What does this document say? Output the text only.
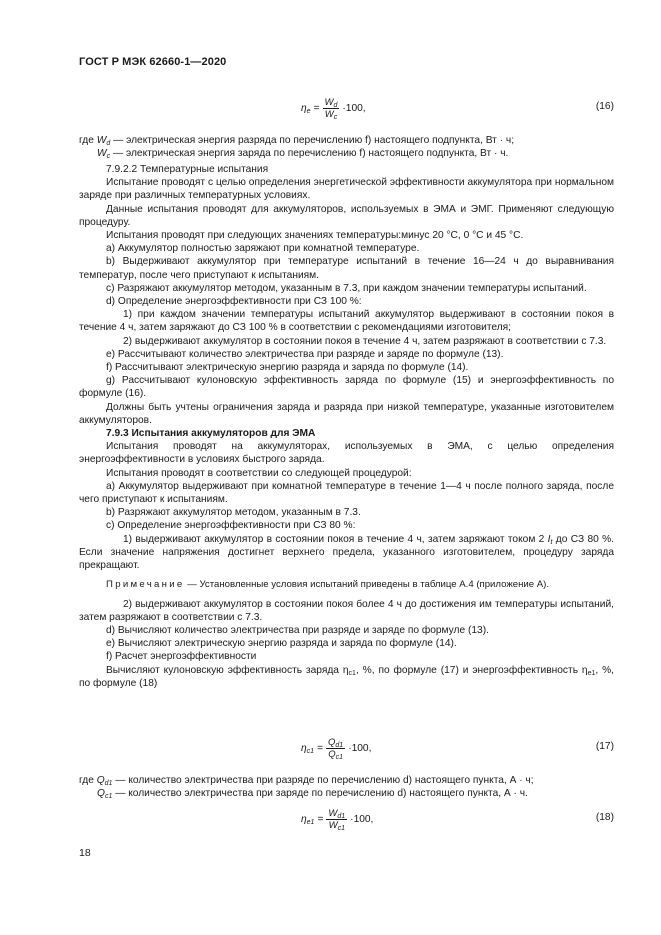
ГОСТ Р МЭК 62660-1—2020
$\eta_e = \frac{W_d}{W_c} \cdot 100$,	(16)

где $W_d$ — электрическая энергия разряда по перечислению f) настоящего подпункта, Вт · ч;

$W_c$ — электрическая энергия заряда по перечислению f) настоящего подпункта, Вт · ч.

7.9.2.2 Температурные испытания

Испытание проводят с целью определения энергетической эффективности аккумулятора при нормальном заряде при различных температурных условиях.

Данные испытания проводят для аккумуляторов, используемых в ЭМА и ЭМГ. Применяют следующую процедуру.

Испытания проводят при следующих значениях температуры:минус 20 °С, 0 °С и 45 °С.

a) Аккумулятор полностью заряжают при комнатной температуре.

b) Выдерживают аккумулятор при температуре испытаний в течение 16—24 ч до выравнивания температур, после чего приступают к испытаниям.

c) Разряжают аккумулятор методом, указанным в 7.3, при каждом значении температуры испытаний.

d) Определение энергоэффективности при СЗ 100 %:

1) при каждом значении температуры испытаний аккумулятор выдерживают в состоянии покоя в течение 4 ч, затем заряжают до СЗ 100 % в соответствии с рекомендациями изготовителя;

2) выдерживают аккумулятор в состоянии покоя в течение 4 ч, затем разряжают в соответствии с 7.3.

e) Рассчитывают количество электричества при разряде и заряде по формуле (13).

f) Рассчитывают электрическую энергию разряда и заряда по формуле (14).

g) Рассчитывают кулоновскую эффективность заряда по формуле (15) и энергоэффективность по формуле (16).

Должны быть учтены ограничения заряда и разряда при низкой температуре, указанные изготовителем аккумуляторов.

7.9.3 Испытания аккумуляторов для ЭМА

Испытания проводят на аккумуляторах, используемых в ЭМА, с целью определения энергоэффективности в условиях быстрого заряда.

Испытания проводят в соответствии со следующей процедурой:

a) Аккумулятор выдерживают при комнатной температуре в течение 1—4 ч после полного заряда, после чего приступают к испытаниям.

b) Разряжают аккумулятор методом, указанным в 7.3.

c) Определение энергоэффективности при СЗ 80 %:

1) выдерживают аккумулятор в состоянии покоя в течение 4 ч, затем заряжают током 2 $I_t$ до СЗ 80 %. Если значение напряжения достигнет верхнего предела, указанного изготовителем, процедуру заряда прекращают.

Примечание — Установленные условия испытаний приведены в таблице А.4 (приложение А).

2) выдерживают аккумулятор в состоянии покоя более 4 ч до достижения им температуры испытаний, затем разряжают в соответствии с 7.3.

d) Вычисляют количество электричества при разряде и заряде по формуле (13).

e) Вычисляют электрическую энергию разряда и заряда по формуле (14).

f) Расчет энергоэффективности

Вычисляют кулоновскую эффективность заряда $\eta_{c1}$, %, по формуле (17) и энергоэффективность $\eta_{e1}$, %, по формуле (18)

$\eta_{c1} = \frac{Q_{d1}}{Q_{c1}} \cdot 100$,	(17)

где $Q_{d1}$ — количество электричества при разряде по перечислению d) настоящего пункта, А · ч;

$Q_{c1}$ — количество электричества при заряде по перечислению d) настоящего пункта, А · ч.

$\eta_{e1} = \frac{W_{d1}}{W_{c1}} \cdot 100$,	(18)
18
